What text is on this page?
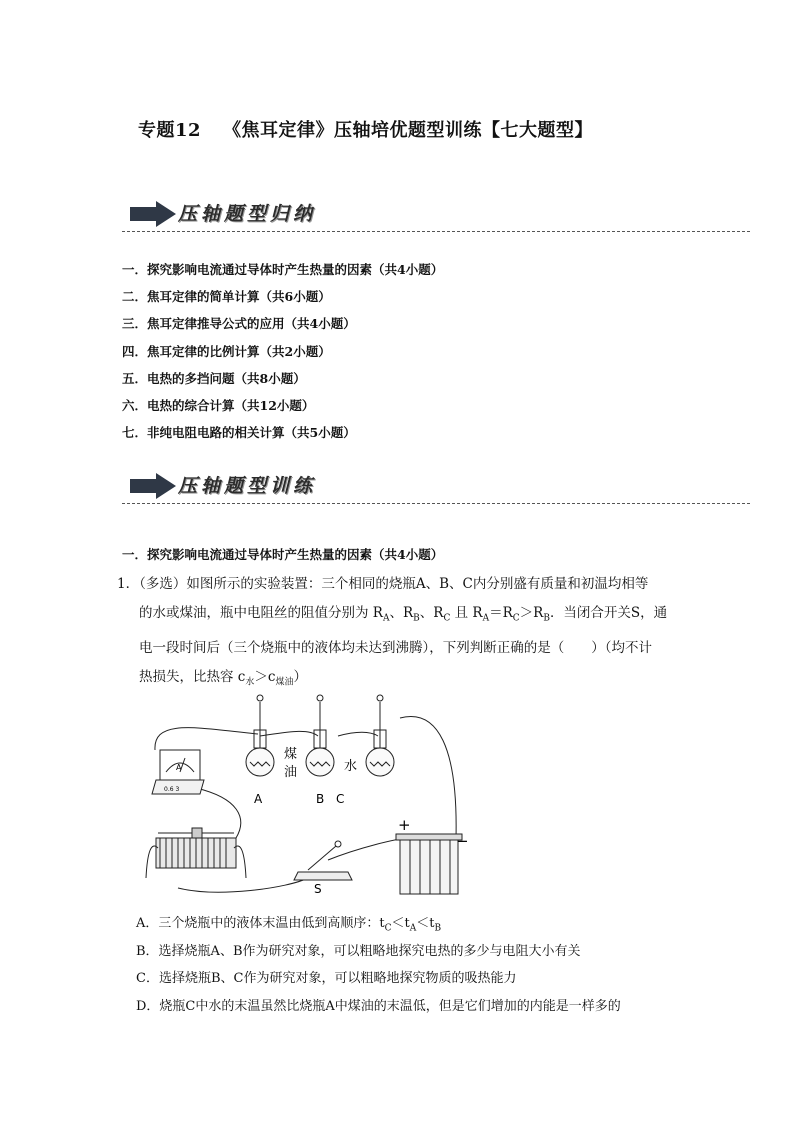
专题12 《焦耳定律》压轴培优题型训练【七大题型】
压轴题型归纳
一．探究影响电流通过导体时产生热量的因素（共4小题）
二．焦耳定律的简单计算（共6小题）
三．焦耳定律推导公式的应用（共4小题）
四．焦耳定律的比例计算（共2小题）
五．电热的多挡问题（共8小题）
六．电热的综合计算（共12小题）
七．非纯电阻电路的相关计算（共5小题）
压轴题型训练
一．探究影响电流通过导体时产生热量的因素（共4小题）
1．（多选）如图所示的实验装置：三个相同的烧瓶A、B、C内分别盛有质量和初温均相等
的水或煤油，瓶中电阻丝的阻值分别为 $R_A$、$R_B$、$R_C$ 且 $R_A=R_C>R_B$．当闭合开关S，通
电一段时间后（三个烧瓶中的液体均未达到沸腾），下列判断正确的是（　　）（均不计
热损失，比热容 $c_水>c_{煤油}$）
A
0.6 3
煤
油	水
A	B C
S
+
−
A．三个烧瓶中的液体末温由低到高顺序：$t_C<t_A<t_B$
B．选择烧瓶A、B作为研究对象，可以粗略地探究电热的多少与电阻大小有关
C．选择烧瓶B、C作为研究对象，可以粗略地探究物质的吸热能力
D．烧瓶C中水的末温虽然比烧瓶A中煤油的末温低，但是它们增加的内能是一样多的
